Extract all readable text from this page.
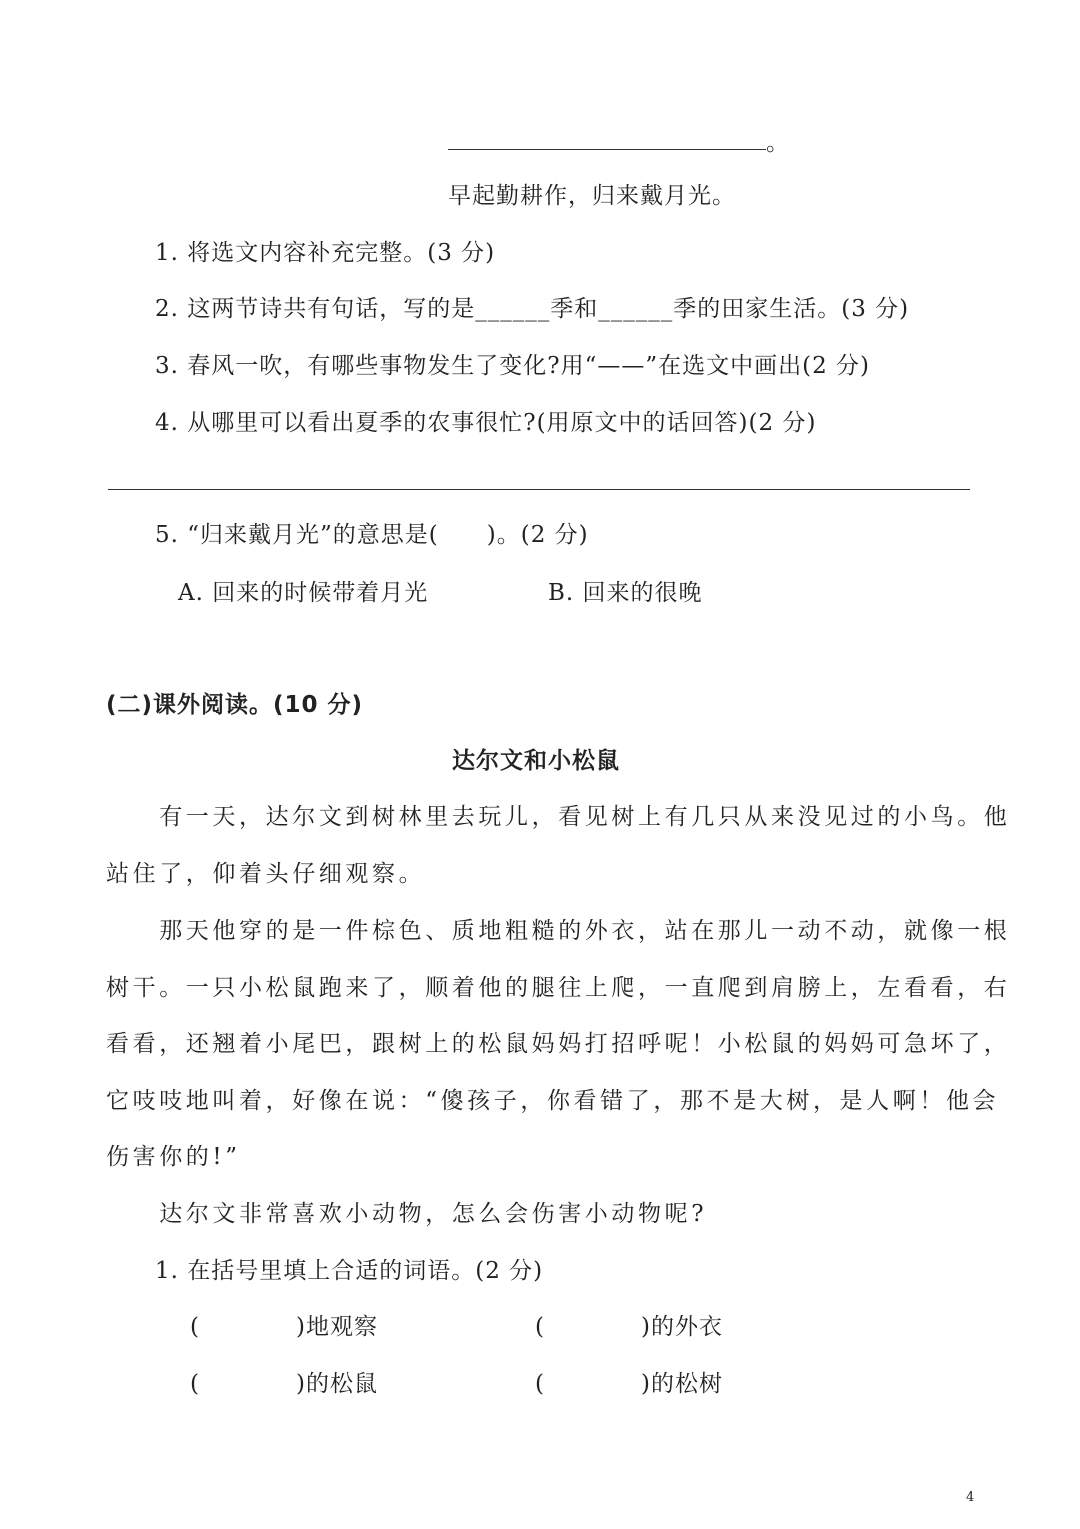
。
早起勤耕作，归来戴月光。
1. 将选文内容补充完整。(3 分)
2. 这两节诗共有句话，写的是______季和______季的田家生活。(3 分)
3. 春风一吹，有哪些事物发生了变化?用“——”在选文中画出(2 分)
4. 从哪里可以看出夏季的农事很忙?(用原文中的话回答)(2 分)
5. “归来戴月光”的意思是(　　)。(2 分)
A. 回来的时候带着月光	B. 回来的很晚
(二)课外阅读。(10 分)
达尔文和小松鼠
　　有一天，达尔文到树林里去玩儿，看见树上有几只从来没见过的小鸟。他
站住了，仰着头仔细观察。
　　那天他穿的是一件棕色、质地粗糙的外衣，站在那儿一动不动，就像一根
树干。一只小松鼠跑来了，顺着他的腿往上爬，一直爬到肩膀上，左看看，右
看看，还翘着小尾巴，跟树上的松鼠妈妈打招呼呢！小松鼠的妈妈可急坏了，
它吱吱地叫着，好像在说：“傻孩子，你看错了，那不是大树，是人啊！他会
伤害你的!”
　　达尔文非常喜欢小动物，怎么会伤害小动物呢?
1. 在括号里填上合适的词语。(2 分)
(　　　　)地观察	(　　　　)的外衣
(　　　　)的松鼠	(　　　　)的松树
4
